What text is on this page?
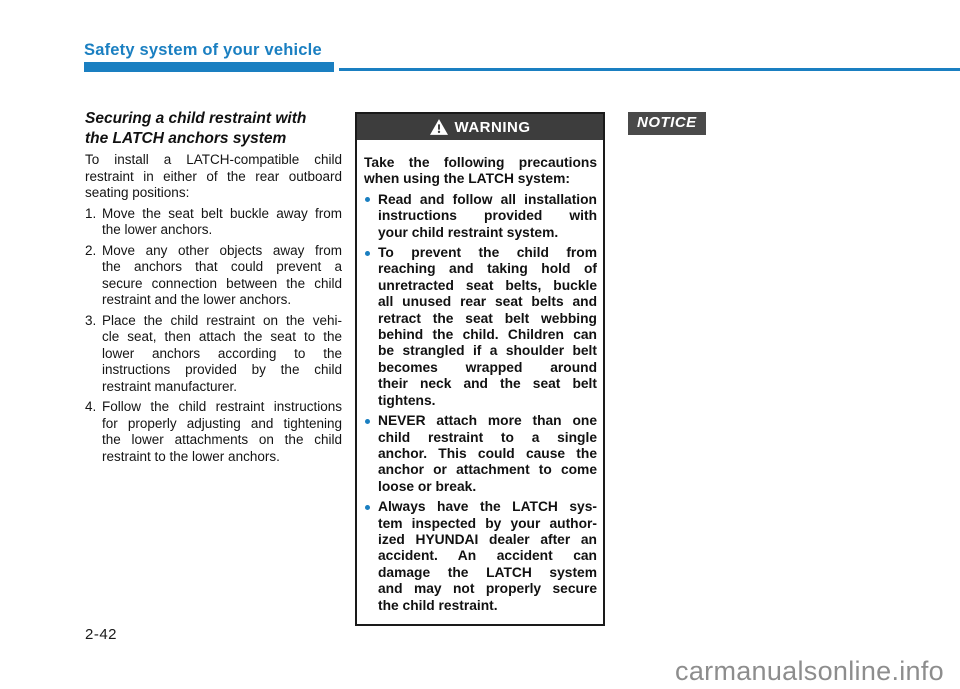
Safety system of your vehicle
Securing a child restraint with
the LATCH anchors system
To install a LATCH-compatible child
restraint in either of the rear outboard
seating positions:
1. Move the seat belt buckle away from
the lower anchors.
2. Move any other objects away from
the anchors that could prevent a
secure connection between the child
restraint and the lower anchors.
3. Place the child restraint on the vehi-
cle seat, then attach the seat to the
lower anchors according to the
instructions provided by the child
restraint manufacturer.
4. Follow the child restraint instructions
for properly adjusting and tightening
the lower attachments on the child
restraint to the lower anchors.
WARNING
Take the following precautions
when using the LATCH system:
Read and follow all installation
instructions provided with
your child restraint system.
To prevent the child from
reaching and taking hold of
unretracted seat belts, buckle
all unused rear seat belts and
retract the seat belt webbing
behind the child. Children can
be strangled if a shoulder belt
becomes wrapped around
their neck and the seat belt
tightens.
NEVER attach more than one
child restraint to a single
anchor. This could cause the
anchor or attachment to come
loose or break.
Always have the LATCH sys-
tem inspected by your author-
ized HYUNDAI dealer after an
accident. An accident can
damage the LATCH system
and may not properly secure
the child restraint.
NOTICE
2-42
carmanualsonline.info
